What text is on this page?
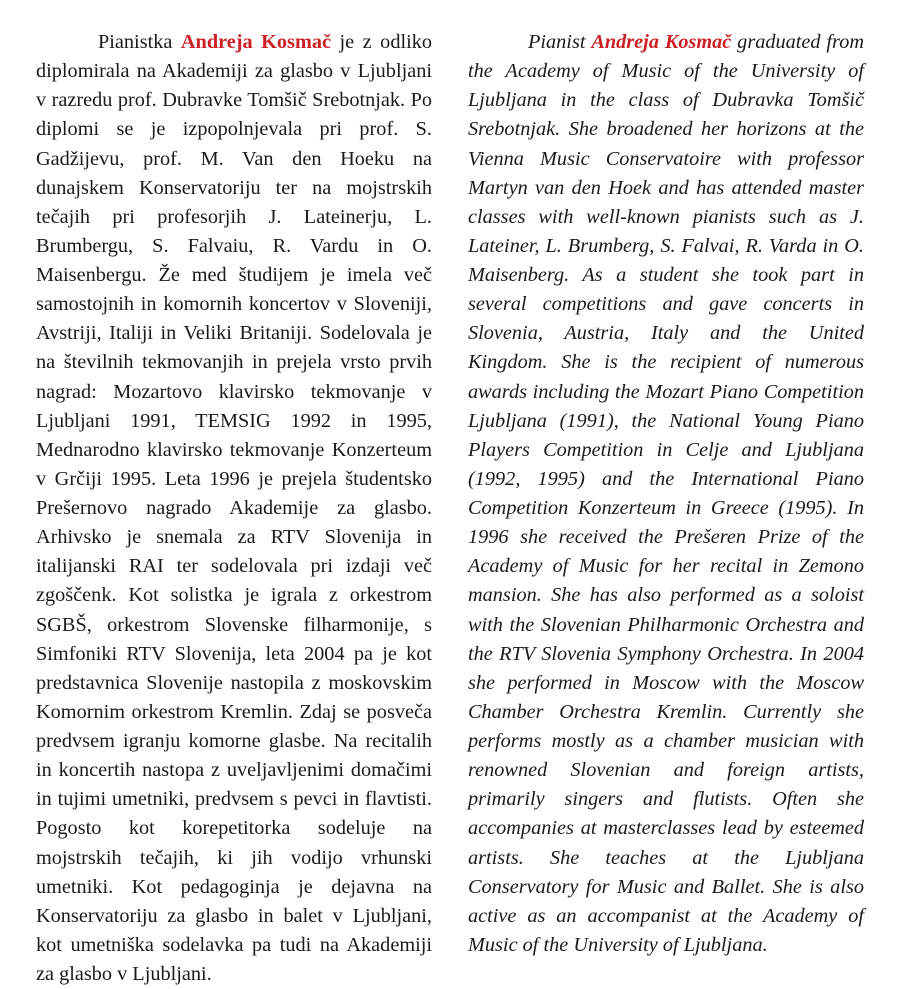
Pianistka Andreja Kosmač je z odliko diplomirala na Akademiji za glasbo v Ljubljani v razredu prof. Dubravke Tomšič Srebotnjak. Po diplomi se je izpopolnjevala pri prof. S. Gadžijevu, prof. M. Van den Hoeku na dunajskem Konservatoriju ter na mojstrskih tečajih pri profesorjih J. Lateinerju, L. Brumbergu, S. Falvaiu, R. Vardu in O. Maisenbergu. Že med študijem je imela več samostojnih in komornih koncertov v Sloveniji, Avstriji, Italiji in Veliki Britaniji. Sodelovala je na številnih tekmovanjih in prejela vrsto prvih nagrad: Mozartovo klavirsko tekmovanje v Ljubljani 1991, TEMSIG 1992 in 1995, Mednarodno klavirsko tekmovanje Konzerteum v Grčiji 1995. Leta 1996 je prejela študentsko Prešernovo nagrado Akademije za glasbo. Arhivsko je snemala za RTV Slovenija in italijanski RAI ter sodelovala pri izdaji več zgoščenk. Kot solistka je igrala z orkestrom SGBŠ, orkestrom Slovenske filharmonije, s Simfoniki RTV Slovenija, leta 2004 pa je kot predstavnica Slovenije nastopila z moskovskim Komornim orkestrom Kremlin. Zdaj se posveča predvsem igranju komorne glasbe. Na recitalih in koncertih nastopa z uveljavljenimi domačimi in tujimi umetniki, predvsem s pevci in flavtisti. Pogosto kot korepetitorka sodeluje na mojstrskih tečajih, ki jih vodijo vrhunski umetniki. Kot pedagoginja je dejavna na Konservatoriju za glasbo in balet v Ljubljani, kot umetniška sodelavka pa tudi na Akademiji za glasbo v Ljubljani.

Pianist Andreja Kosmač graduated from the Academy of Music of the University of Ljubljana in the class of Dubravka Tomšič Srebotnjak. She broadened her horizons at the Vienna Music Conservatoire with professor Martyn van den Hoek and has attended master classes with well-known pianists such as J. Lateiner, L. Brumberg, S. Falvai, R. Varda in O. Maisenberg. As a student she took part in several competitions and gave concerts in Slovenia, Austria, Italy and the United Kingdom. She is the recipient of numerous awards including the Mozart Piano Competition Ljubljana (1991), the National Young Piano Players Competition in Celje and Ljubljana (1992, 1995) and the International Piano Competition Konzerteum in Greece (1995). In 1996 she received the Prešeren Prize of the Academy of Music for her recital in Zemono mansion. She has also performed as a soloist with the Slovenian Philharmonic Orchestra and the RTV Slovenia Symphony Orchestra. In 2004 she performed in Moscow with the Moscow Chamber Orchestra Kremlin. Currently she performs mostly as a chamber musician with renowned Slovenian and foreign artists, primarily singers and flutists. Often she accompanies at masterclasses lead by esteemed artists. She teaches at the Ljubljana Conservatory for Music and Ballet. She is also active as an accompanist at the Academy of Music of the University of Ljubljana.
